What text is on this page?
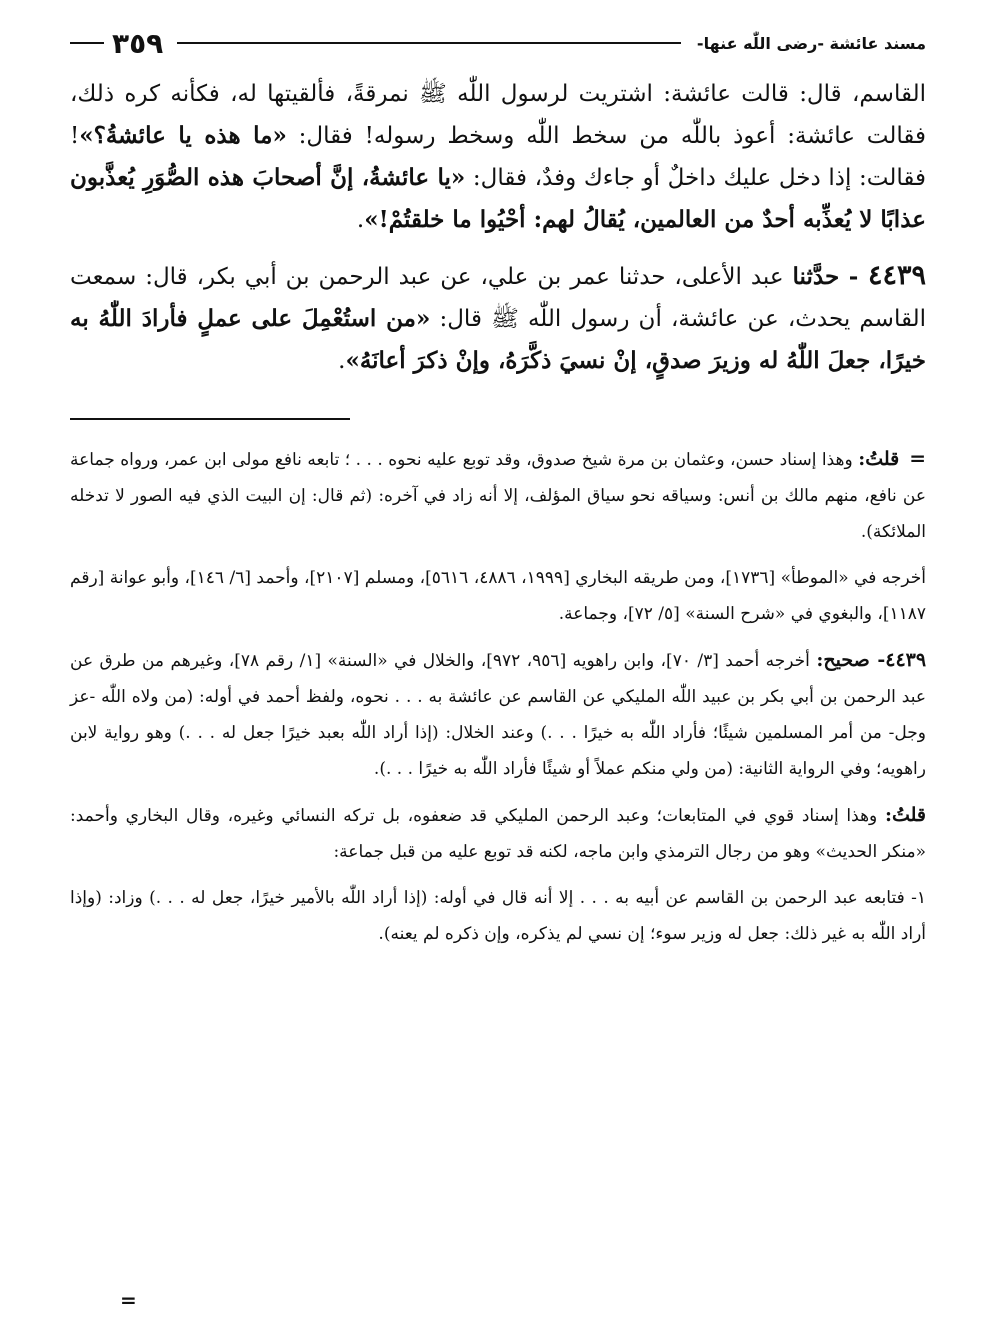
مسند عائشة -رضى اللّٰه عنها-
٣٥٩

القاسم، قال: قالت عائشة: اشتريت لرسول اللّٰه ﷺ نمرقةً، فألقيتها له، فكأنه كره ذلك، فقالت عائشة: أعوذ باللّٰه من سخط اللّٰه وسخط رسوله! فقال: «ما هذه يا عائشةُ؟»! فقالت: إذا دخل عليك داخلٌ أو جاءك وفدٌ، فقال: «يا عائشةُ، إنَّ أصحابَ هذه الصُّوَرِ يُعذَّبون عذابًا لا يُعذِّبه أحدٌ من العالمين، يُقالُ لهم: أحْيُوا ما خلقتُمْ!».

٤٤٣٩ - حدَّثنا عبد الأعلى، حدثنا عمر بن علي، عن عبد الرحمن بن أبي بكر، قال: سمعت القاسم يحدث، عن عائشة، أن رسول اللّٰه ﷺ قال: «من استُعْمِلَ على عملٍ فأرادَ اللّٰهُ به خيرًا، جعلَ اللّٰهُ له وزيرَ صدقٍ، إنْ نسيَ ذكَّرَهُ، وإنْ ذكرَ أعانَهُ».

=قلتُ: وهذا إسناد حسن، وعثمان بن مرة شيخ صدوق، وقد توبع عليه نحوه . . . ؛ تابعه نافع مولى ابن عمر، ورواه جماعة عن نافع، منهم مالك بن أنس: وسياقه نحو سياق المؤلف، إلا أنه زاد في آخره: (ثم قال: إن البيت الذي فيه الصور لا تدخله الملائكة).

أخرجه في «الموطأ» [١٧٣٦]، ومن طريقه البخاري [١٩٩٩، ٤٨٨٦، ٥٦١٦]، ومسلم [٢١٠٧]، وأحمد [٦/ ١٤٦]، وأبو عوانة [رقم ١١٨٧]، والبغوي في «شرح السنة» [٥/ ٧٢]، وجماعة.

٤٤٣٩- صحيح: أخرجه أحمد [٣/ ٧٠]، وابن راهويه [٩٥٦، ٩٧٢]، والخلال في «السنة» [١/ رقم ٧٨]، وغيرهم من طرق عن عبد الرحمن بن أبي بكر بن عبيد اللّٰه المليكي عن القاسم عن عائشة به . . . نحوه، ولفظ أحمد في أوله: (من ولاه اللّٰه -عز وجل- من أمر المسلمين شيئًا؛ فأراد اللّٰه به خيرًا . . .) وعند الخلال: (إذا أراد اللّٰه بعبد خيرًا جعل له . . .) وهو رواية لابن راهويه؛ وفي الرواية الثانية: (من ولي منكم عملاً أو شيئًا فأراد اللّٰه به خيرًا . . .).

قلتُ: وهذا إسناد قوي في المتابعات؛ وعبد الرحمن المليكي قد ضعفوه، بل تركه النسائي وغيره، وقال البخاري وأحمد: «منكر الحديث» وهو من رجال الترمذي وابن ماجه، لكنه قد توبع عليه من قبل جماعة:

١- فتابعه عبد الرحمن بن القاسم عن أبيه به . . . إلا أنه قال في أوله: (إذا أراد اللّٰه بالأمير خيرًا، جعل له . . .) وزاد: (وإذا أراد اللّٰه به غير ذلك: جعل له وزير سوء؛ إن نسي لم يذكره، وإن ذكره لم يعنه).

=
